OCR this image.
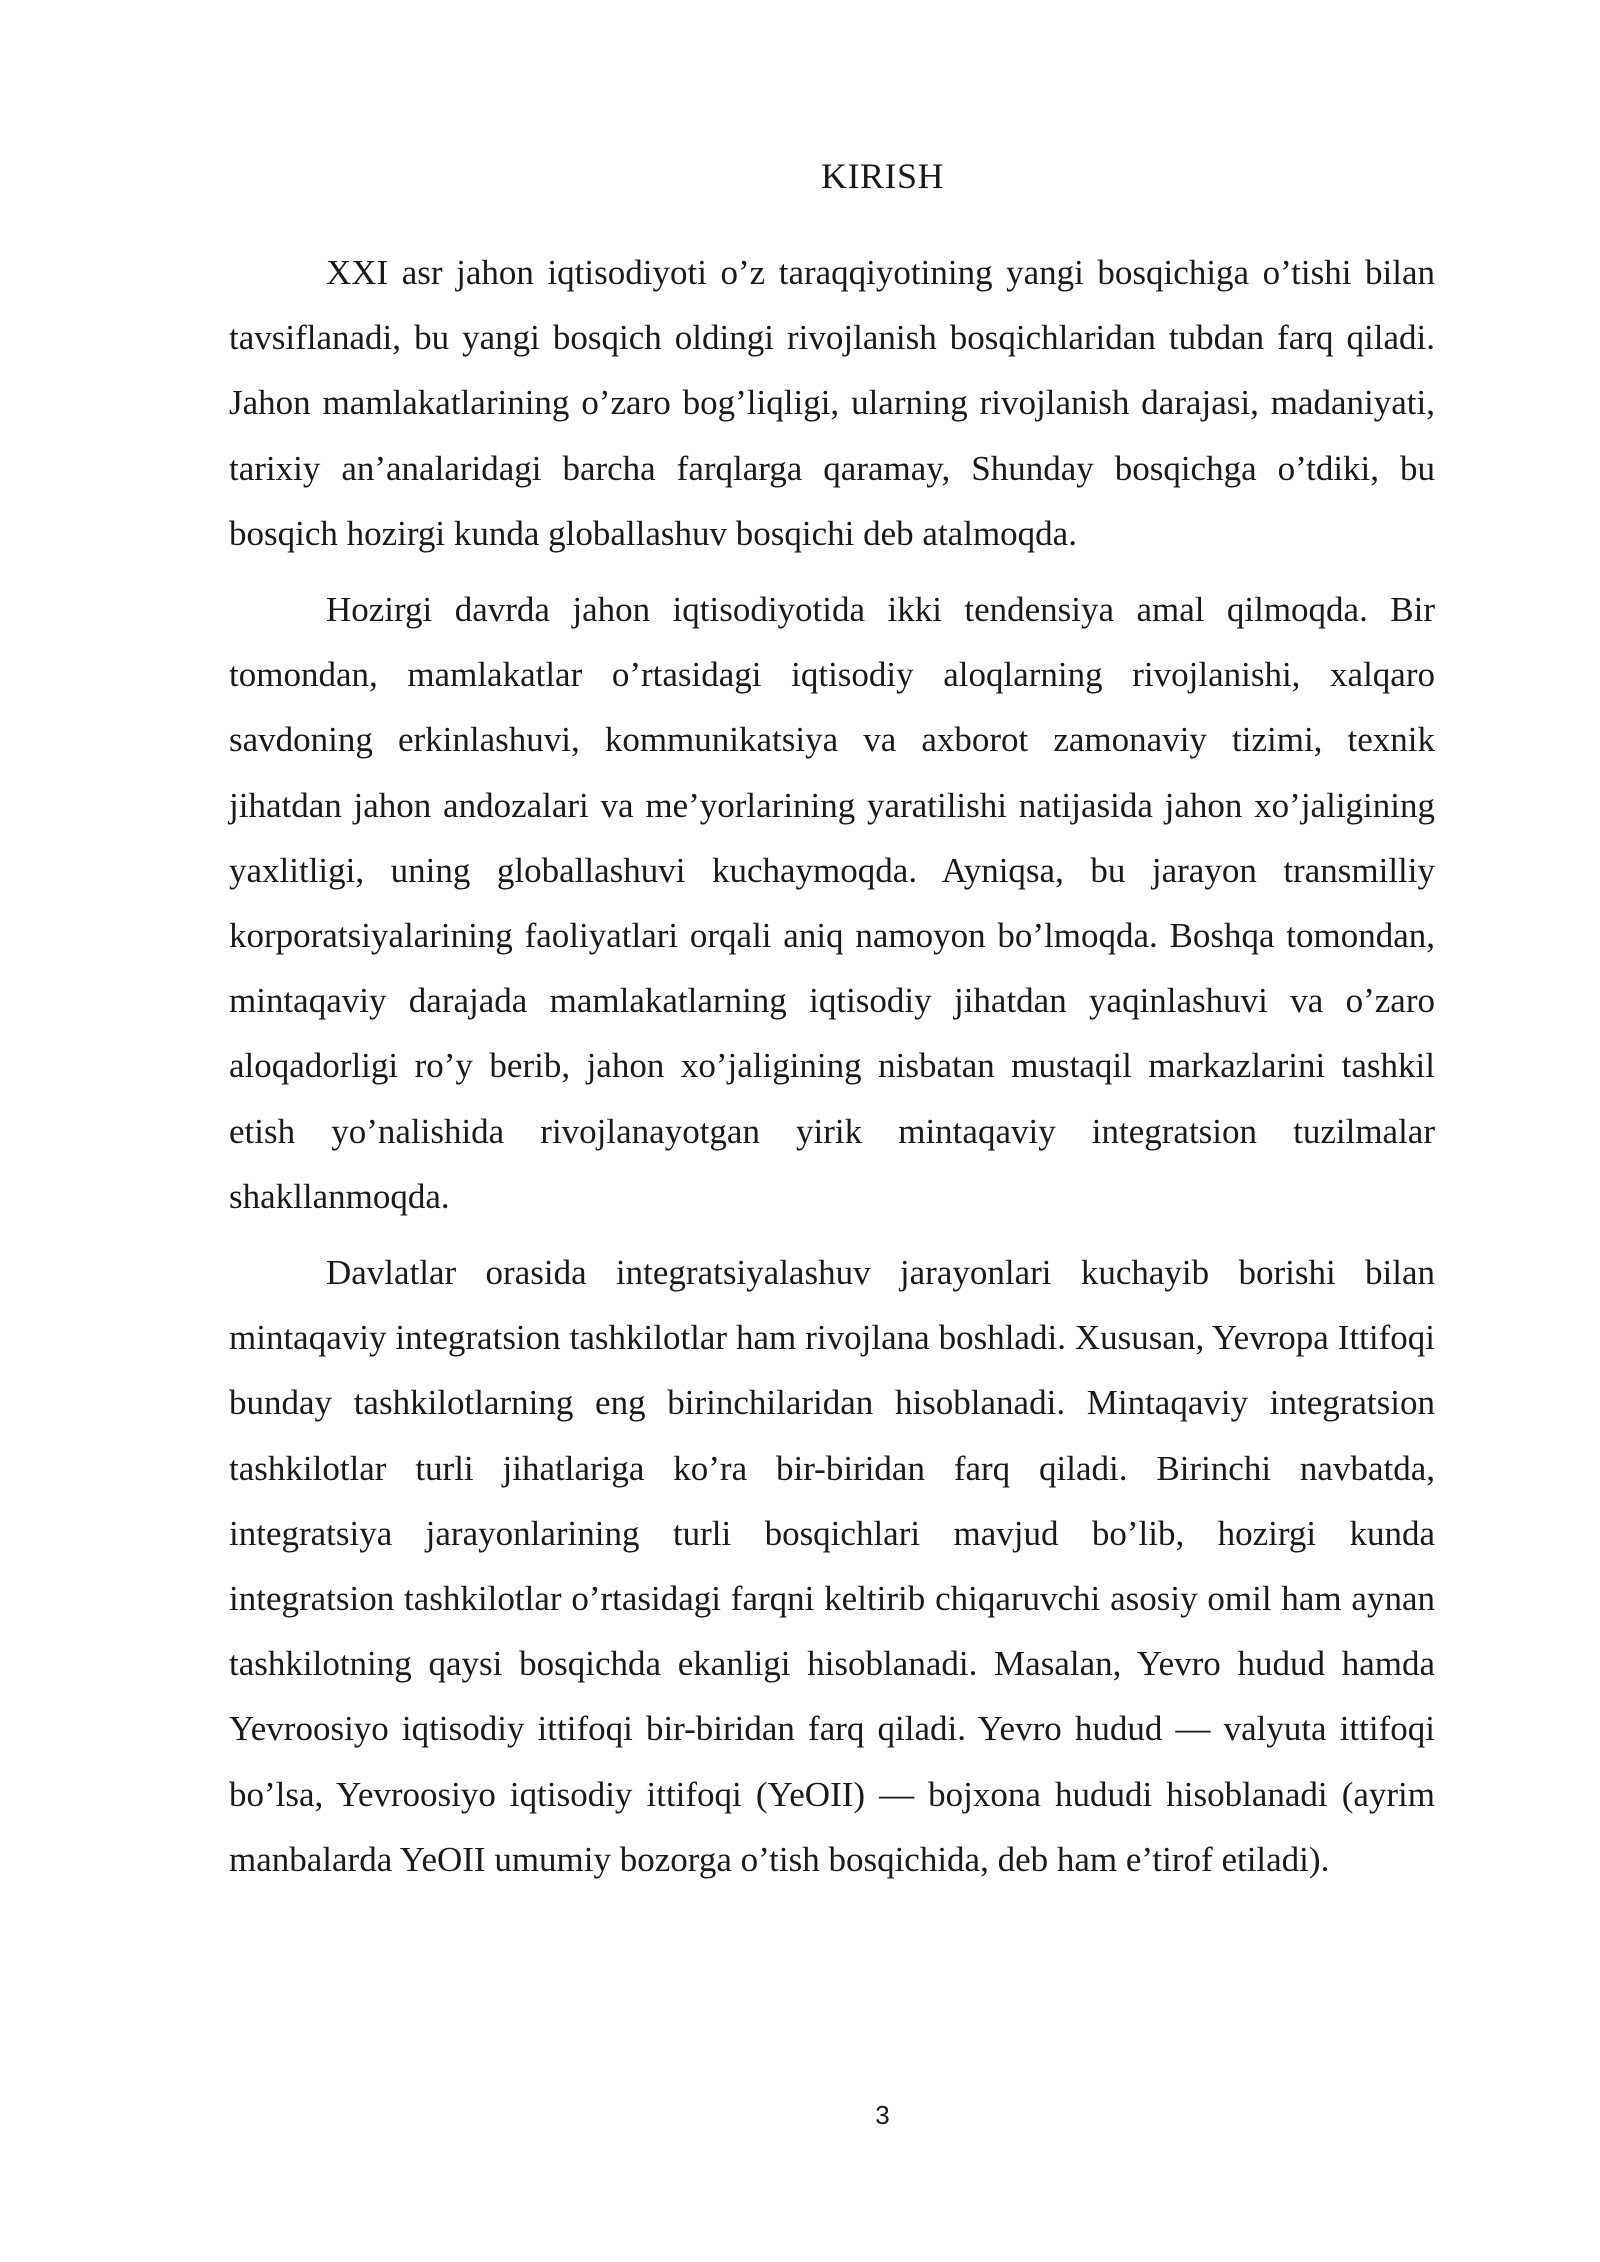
KIRISH

XXI asr jahon iqtisodiyoti o’z taraqqiyotining yangi bosqichiga o’tishi bilan tavsiflanadi, bu yangi bosqich oldingi rivojlanish bosqichlaridan tubdan farq qiladi. Jahon mamlakatlarining o’zaro bog’liqligi, ularning rivojlanish darajasi, madaniyati, tarixiy an’analaridagi barcha farqlarga qaramay, Shunday bosqichga o’tdiki, bu bosqich hozirgi kunda globallashuv bosqichi deb atalmoqda.

Hozirgi davrda jahon iqtisodiyotida ikki tendensiya amal qilmoqda. Bir tomondan, mamlakatlar o’rtasidagi iqtisodiy aloqlarning rivojlanishi, xalqaro savdoning erkinlashuvi, kommunikatsiya va axborot zamonaviy tizimi, texnik jihatdan jahon andozalari va me’yorlarining yaratilishi natijasida jahon xo’jaligining yaxlitligi, uning globallashuvi kuchaymoqda. Ayniqsa, bu jarayon transmilliy korporatsiyalarining faoliyatlari orqali aniq namoyon bo’lmoqda. Boshqa tomondan, mintaqaviy darajada mamlakatlarning iqtisodiy jihatdan yaqinlashuvi va o’zaro aloqadorligi ro’y berib, jahon xo’jaligining nisbatan mustaqil markazlarini tashkil etish yo’nalishida rivojlanayotgan yirik mintaqaviy integratsion tuzilmalar shakllanmoqda.

Davlatlar orasida integratsiyalashuv jarayonlari kuchayib borishi bilan mintaqaviy integratsion tashkilotlar ham rivojlana boshladi. Xususan, Yevropa Ittifoqi bunday tashkilotlarning eng birinchilaridan hisoblanadi. Mintaqaviy integratsion tashkilotlar turli jihatlariga ko’ra bir-biridan farq qiladi. Birinchi navbatda, integratsiya jarayonlarining turli bosqichlari mavjud bo’lib, hozirgi kunda integratsion tashkilotlar o’rtasidagi farqni keltirib chiqaruvchi asosiy omil ham aynan tashkilotning qaysi bosqichda ekanligi hisoblanadi. Masalan, Yevro hudud hamda Yevroosiyo iqtisodiy ittifoqi bir-biridan farq qiladi. Yevro hudud — valyuta ittifoqi bo’lsa, Yevroosiyo iqtisodiy ittifoqi (YeOII) — bojxona hududi hisoblanadi (ayrim manbalarda YeOII umumiy bozorga o’tish bosqichida, deb ham e’tirof etiladi).

3
